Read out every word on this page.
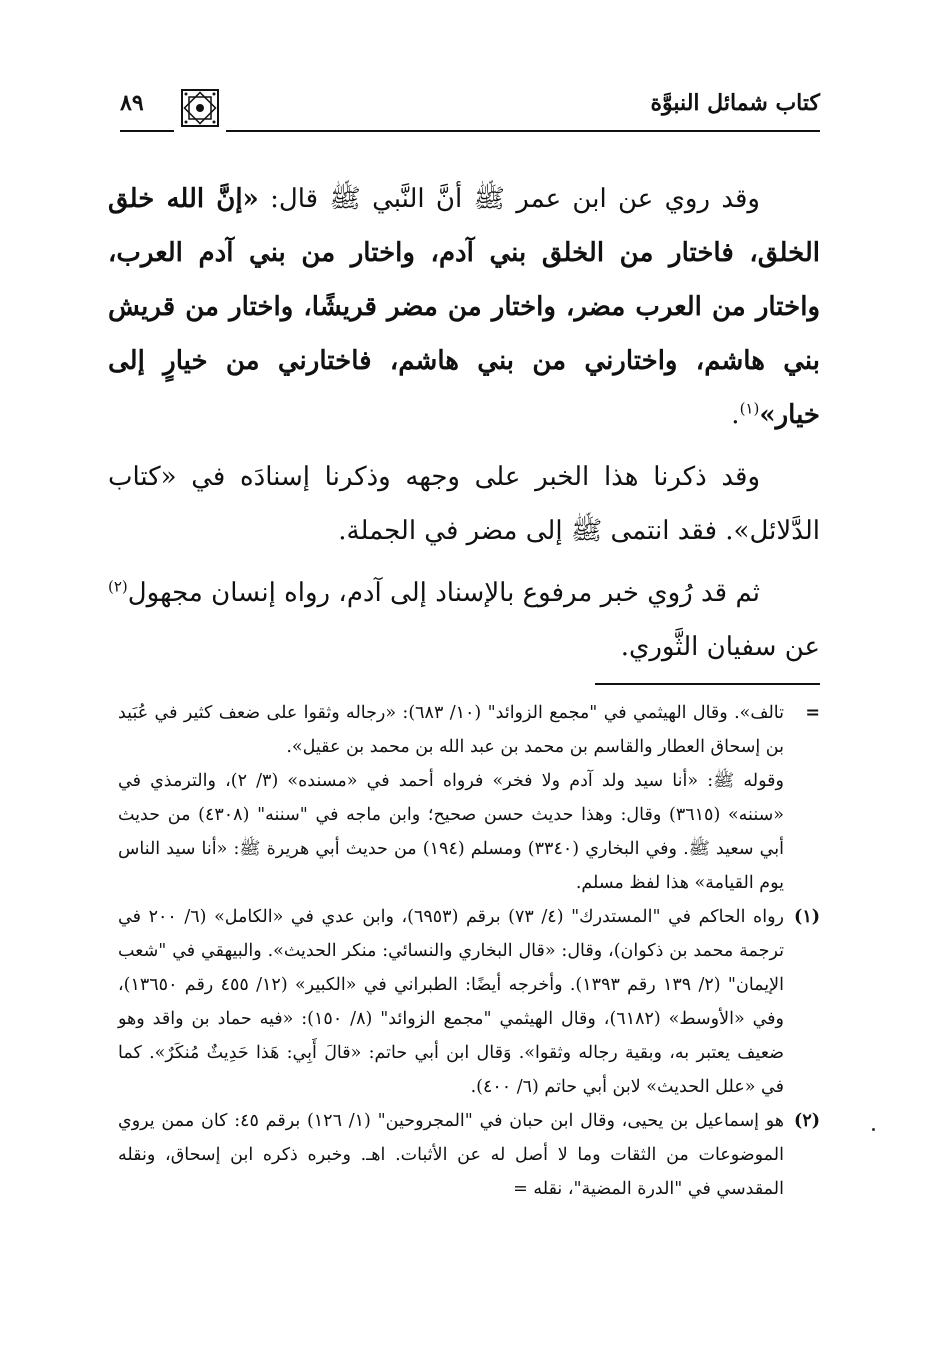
كتاب شمائل النبوَّة
٨٩

وقد روي عن ابن عمر ﷺ أنَّ النَّبي ﷺ قال: «إنَّ الله خلق الخلق، فاختار من الخلق بني آدم، واختار من بني آدم العرب، واختار من العرب مضر، واختار من مضر قريشًا، واختار من قريش بني هاشم، واختارني من بني هاشم، فاختارني من خيارٍ إلى خيار»$^{(١)}$.

وقد ذكرنا هذا الخبر على وجهه وذكرنا إسنادَه في «كتاب الدَّلائل». فقد انتمى ﷺ إلى مضر في الجملة.

ثم قد رُوي خبر مرفوع بالإسناد إلى آدم، رواه إنسان مجهول$^{(٢)}$ عن سفيان الثَّوري.

=
تالف». وقال الهيثمي في "مجمع الزوائد" (١٠/ ٦٨٣): «رجاله وثقوا على ضعف كثير في عُبَيد بن إسحاق العطار والقاسم بن محمد بن عبد الله بن محمد بن عقيل».

وقوله ﷺ: «أنا سيد ولد آدم ولا فخر» فرواه أحمد في «مسنده» (٣/ ٢)، والترمذي في «سننه» (٣٦١٥) وقال: وهذا حديث حسن صحيح؛ وابن ماجه في "سننه" (٤٣٠٨) من حديث أبي سعيد ﷺ. وفي البخاري (٣٣٤٠) ومسلم (١٩٤) من حديث أبي هريرة ﷺ: «أنا سيد الناس يوم القيامة» هذا لفظ مسلم.

(١)
رواه الحاكم في "المستدرك" (٤/ ٧٣) برقم (٦٩٥٣)، وابن عدي في «الكامل» (٦/ ٢٠٠ في ترجمة محمد بن ذكوان)، وقال: «قال البخاري والنسائي: منكر الحديث». والبيهقي في "شعب الإيمان" (٢/ ١٣٩ رقم ١٣٩٣). وأخرجه أيضًا: الطبراني في «الكبير» (١٢/ ٤٥٥ رقم ١٣٦٥٠)، وفي «الأوسط» (٦١٨٢)، وقال الهيثمي "مجمع الزوائد" (٨/ ١٥٠): «فيه حماد بن واقد وهو ضعيف يعتبر به، وبقية رجاله وثقوا». وَقال ابن أبي حاتم: «قالَ أَبِي: هَذا حَدِيثٌ مُنكَرٌ». كما في «علل الحديث» لابن أبي حاتم (٦/ ٤٠٠).

(٢)
هو إسماعيل بن يحيى، وقال ابن حبان في "المجروحين" (١/ ١٢٦) برقم ٤٥: كان ممن يروي الموضوعات من الثقات وما لا أصل له عن الأثبات. اهـ. وخبره ذكره ابن إسحاق، ونقله المقدسي في "الدرة المضية"، نقله =
